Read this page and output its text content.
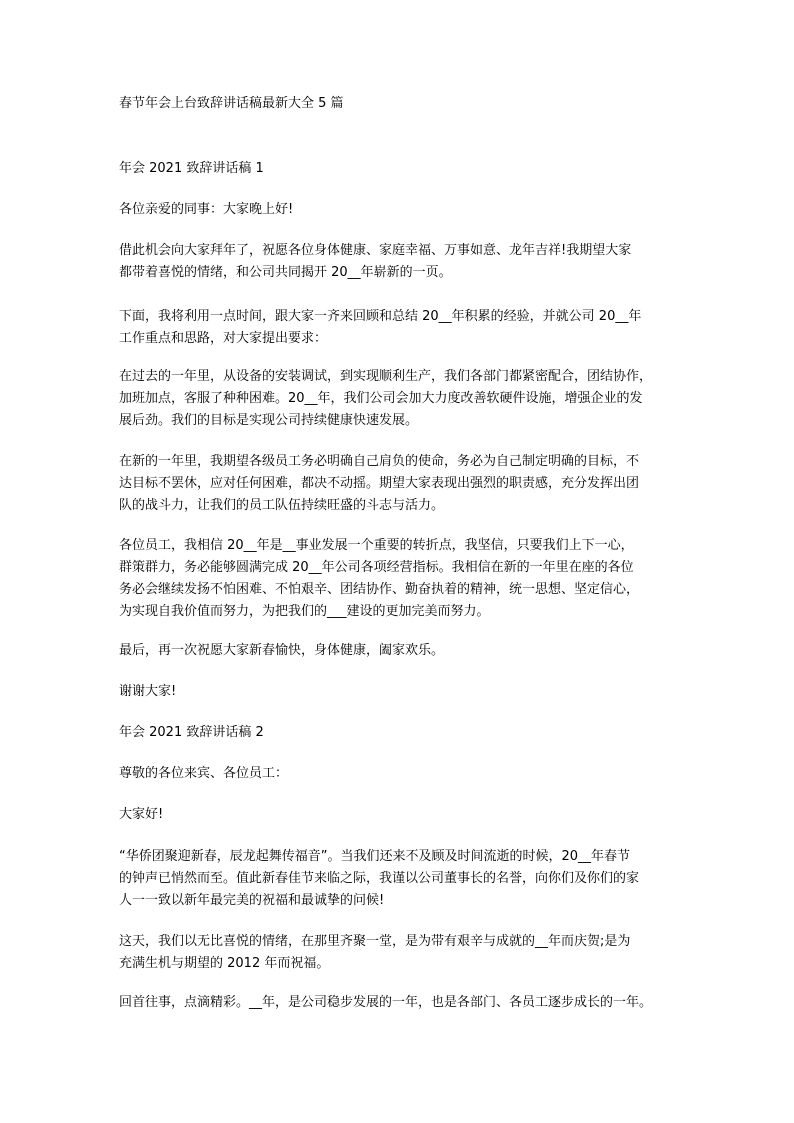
春节年会上台致辞讲话稿最新大全 5 篇
年会 2021 致辞讲话稿 1
各位亲爱的同事：大家晚上好!
借此机会向大家拜年了，祝愿各位身体健康、家庭幸福、万事如意、龙年吉祥!我期望大家
都带着喜悦的情绪，和公司共同揭开 20__年崭新的一页。
下面，我将利用一点时间，跟大家一齐来回顾和总结 20__年积累的经验，并就公司 20__年
工作重点和思路，对大家提出要求：
在过去的一年里，从设备的安装调试，到实现顺利生产，我们各部门都紧密配合，团结协作，
加班加点，客服了种种困难。20__年，我们公司会加大力度改善软硬件设施，增强企业的发
展后劲。我们的目标是实现公司持续健康快速发展。
在新的一年里，我期望各级员工务必明确自己肩负的使命，务必为自己制定明确的目标，不
达目标不罢休，应对任何困难，都决不动摇。期望大家表现出强烈的职责感，充分发挥出团
队的战斗力，让我们的员工队伍持续旺盛的斗志与活力。
各位员工，我相信 20__年是__事业发展一个重要的转折点，我坚信，只要我们上下一心，
群策群力，务必能够圆满完成 20__年公司各项经营指标。我相信在新的一年里在座的各位
务必会继续发扬不怕困难、不怕艰辛、团结协作、勤奋执着的精神，统一思想、坚定信心，
为实现自我价值而努力，为把我们的___建设的更加完美而努力。
最后，再一次祝愿大家新春愉快，身体健康，阖家欢乐。
谢谢大家!
年会 2021 致辞讲话稿 2
尊敬的各位来宾、各位员工：
大家好!
“华侨团聚迎新春，辰龙起舞传福音”。当我们还来不及顾及时间流逝的时候，20__年春节
的钟声已悄然而至。值此新春佳节来临之际，我谨以公司董事长的名誉，向你们及你们的家
人一一致以新年最完美的祝福和最诚挚的问候!
这天，我们以无比喜悦的情绪，在那里齐聚一堂，是为带有艰辛与成就的__年而庆贺;是为
充满生机与期望的 2012 年而祝福。
回首往事，点滴精彩。__年，是公司稳步发展的一年，也是各部门、各员工逐步成长的一年。
